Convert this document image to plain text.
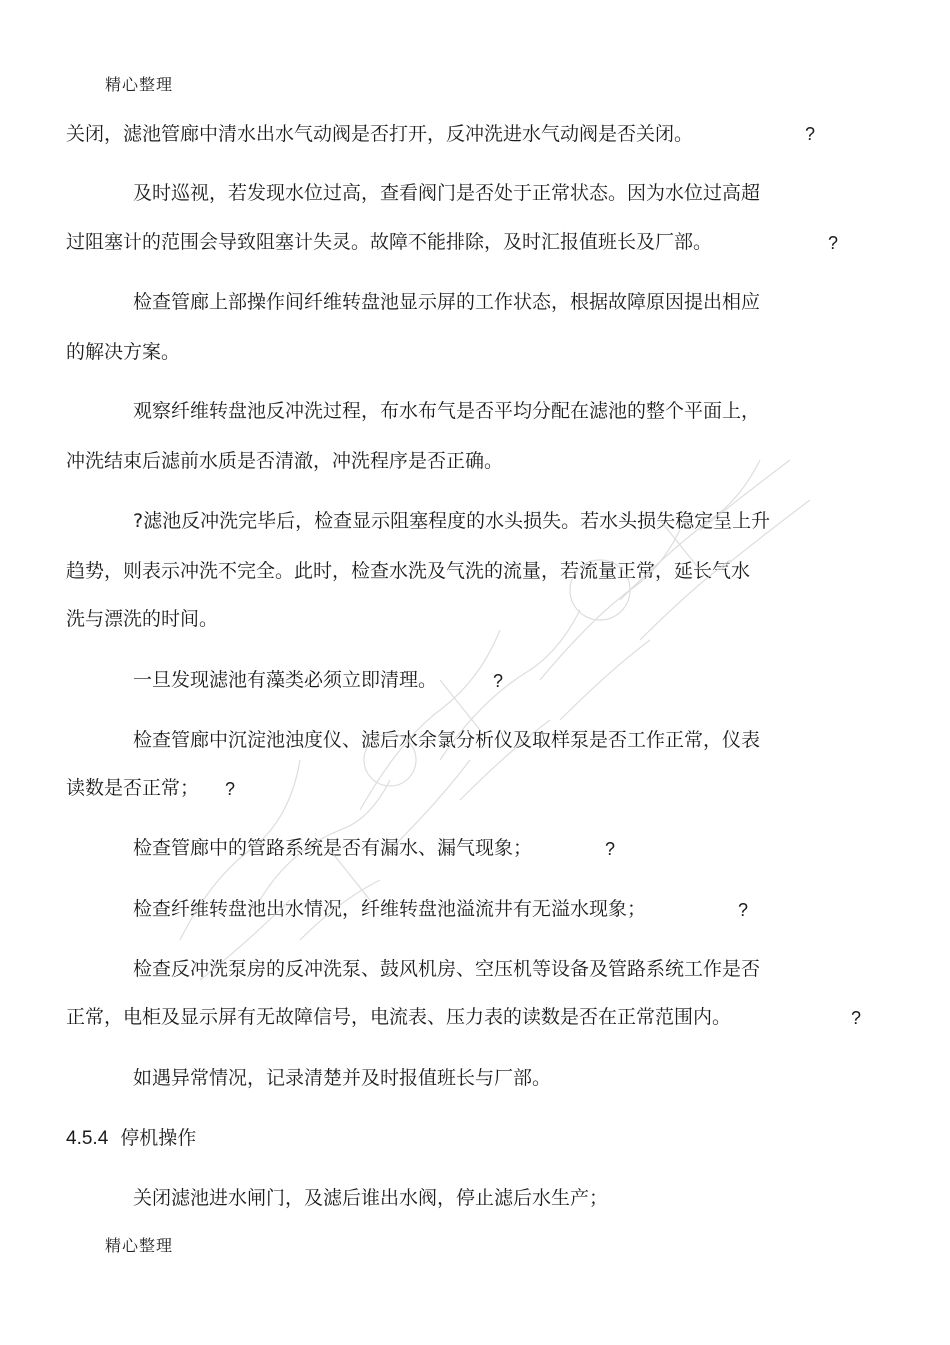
精心整理
关闭，滤池管廊中清水出水气动阀是否打开，反冲洗进水气动阀是否关闭。	?
及时巡视，若发现水位过高，查看阀门是否处于正常状态。因为水位过高超
过阻塞计的范围会导致阻塞计失灵。故障不能排除，及时汇报值班长及厂部。	?
检查管廊上部操作间纤维转盘池显示屏的工作状态，根据故障原因提出相应
的解决方案。
观察纤维转盘池反冲洗过程，布水布气是否平均分配在滤池的整个平面上，
冲洗结束后滤前水质是否清澈，冲洗程序是否正确。
?滤池反冲洗完毕后，检查显示阻塞程度的水头损失。若水头损失稳定呈上升
趋势，则表示冲洗不完全。此时，检查水洗及气洗的流量，若流量正常，延长气水
洗与漂洗的时间。
一旦发现滤池有藻类必须立即清理。	?
检查管廊中沉淀池浊度仪、滤后水余氯分析仪及取样泵是否工作正常，仪表
读数是否正常； ?
检查管廊中的管路系统是否有漏水、漏气现象；	?
检查纤维转盘池出水情况，纤维转盘池溢流井有无溢水现象；	?
检查反冲洗泵房的反冲洗泵、鼓风机房、空压机等设备及管路系统工作是否
正常，电柜及显示屏有无故障信号，电流表、压力表的读数是否在正常范围内。	?
如遇异常情况，记录清楚并及时报值班长与厂部。
4.5.4 停机操作
关闭滤池进水闸门，及滤后谁出水阀，停止滤后水生产；
精心整理
